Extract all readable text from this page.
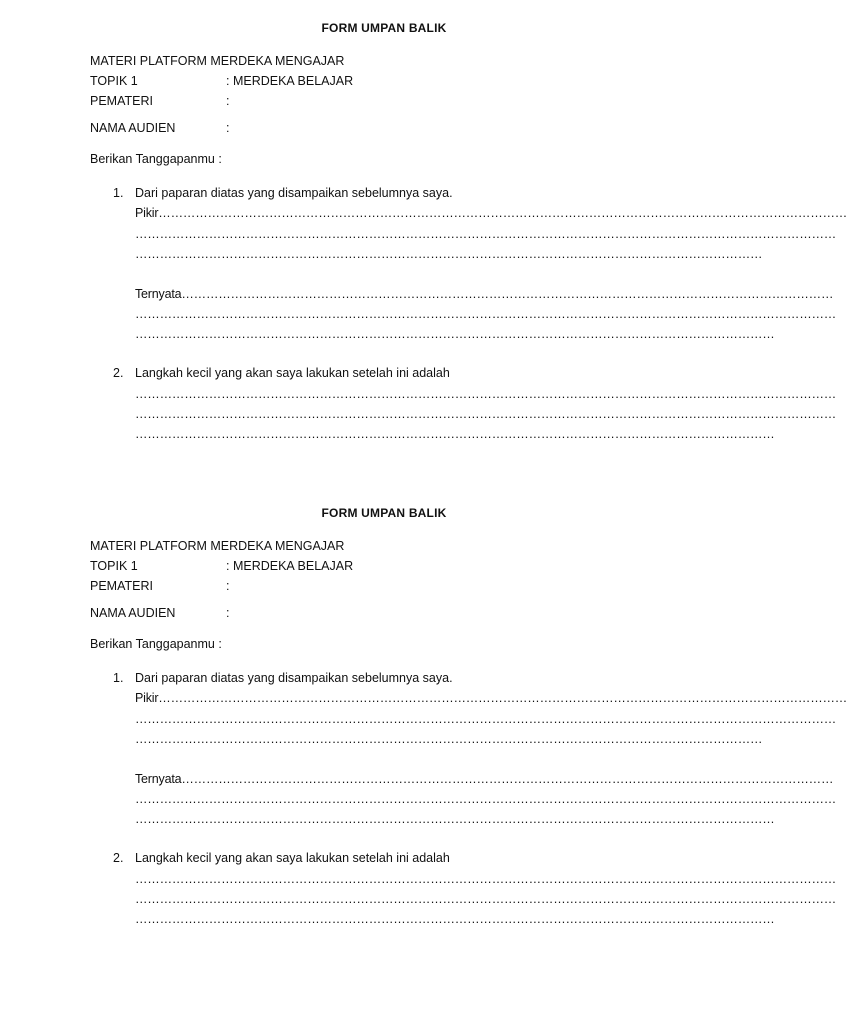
FORM UMPAN BALIK
MATERI PLATFORM MERDEKA MENGAJAR
TOPIK 1	: MERDEKA BELAJAR
PEMATERI	:
NAMA AUDIEN	:
Berikan Tanggapanmu :
1. Dari paparan diatas yang disampaikan sebelumnya saya.
Pikir……………………………………………………………………………………………………………………………………………………
………………………………………………………………………………………………………………………………………………………
………………………………………………………………………………………………………………………………………
Ternyata……………………………………………………………………………………………………………………………………………
………………………………………………………………………………………………………………………………………………………
…………………………………………………………………………………………………………………………………………
2. Langkah kecil yang akan saya lakukan setelah ini adalah
………………………………………………………………………………………………………………………………………………………
………………………………………………………………………………………………………………………………………………………
…………………………………………………………………………………………………………………………………………
FORM UMPAN BALIK
MATERI PLATFORM MERDEKA MENGAJAR
TOPIK 1	: MERDEKA BELAJAR
PEMATERI	:
NAMA AUDIEN	:
Berikan Tanggapanmu :
1. Dari paparan diatas yang disampaikan sebelumnya saya.
Pikir……………………………………………………………………………………………………………………………………………………
………………………………………………………………………………………………………………………………………………………
………………………………………………………………………………………………………………………………………
Ternyata……………………………………………………………………………………………………………………………………………
………………………………………………………………………………………………………………………………………………………
…………………………………………………………………………………………………………………………………………
2. Langkah kecil yang akan saya lakukan setelah ini adalah
………………………………………………………………………………………………………………………………………………………
………………………………………………………………………………………………………………………………………………………
…………………………………………………………………………………………………………………………………………
